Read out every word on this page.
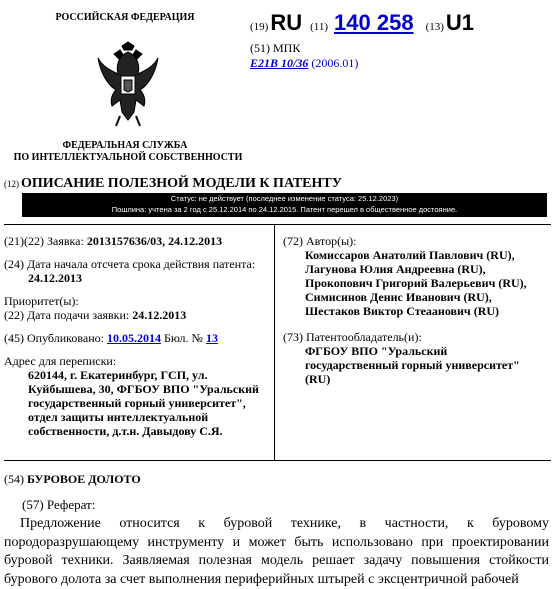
РОССИЙСКАЯ ФЕДЕРАЦИЯ
ФЕДЕРАЛЬНАЯ СЛУЖБА
ПО ИНТЕЛЛЕКТУАЛЬНОЙ СОБСТВЕННОСТИ
(19) RU (11) 140 258 (13) U1
(51) МПК
E21B 10/36 (2006.01)
(12) ОПИСАНИЕ ПОЛЕЗНОЙ МОДЕЛИ К ПАТЕНТУ
Статус: не действует (последнее изменение статуса: 25.12.2023)
Пошлина: учтена за 2 год с 25.12.2014 по 24.12.2015. Патент перешел в общественное достояние.
(21)(22) Заявка: 2013157636/03, 24.12.2013
(24) Дата начала отсчета срока действия патента:
24.12.2013
Приоритет(ы):
(22) Дата подачи заявки: 24.12.2013
(45) Опубликовано: 10.05.2014 Бюл. № 13
Адрес для переписки:
620144, г. Екатеринбург, ГСП, ул.
Куйбышева, 30, ФГБОУ ВПО "Уральский
государственный горный университет",
отдел защиты интеллектуальной
собственности, д.т.н. Давыдову С.Я.
(72) Автор(ы):
Комиссаров Анатолий Павлович (RU),
Лагунова Юлия Андреевна (RU),
Прокопович Григорий Валерьевич (RU),
Симисинов Денис Иванович (RU),
Шестаков Виктор Стеаанович (RU)
(73) Патентообладатель(и):
ФГБОУ ВПО "Уральский
государственный горный университет"
(RU)
(54) БУРОВОЕ ДОЛОТО
(57) Реферат:

Предложение относится к буровой технике, в частности, к буровому породоразрушающему инструменту и может быть использовано при проектировании буровой техники. Заявляемая полезная модель решает задачу повышения стойкости бурового долота за счет выполнения периферийных штырей с эксцентричной рабочей
